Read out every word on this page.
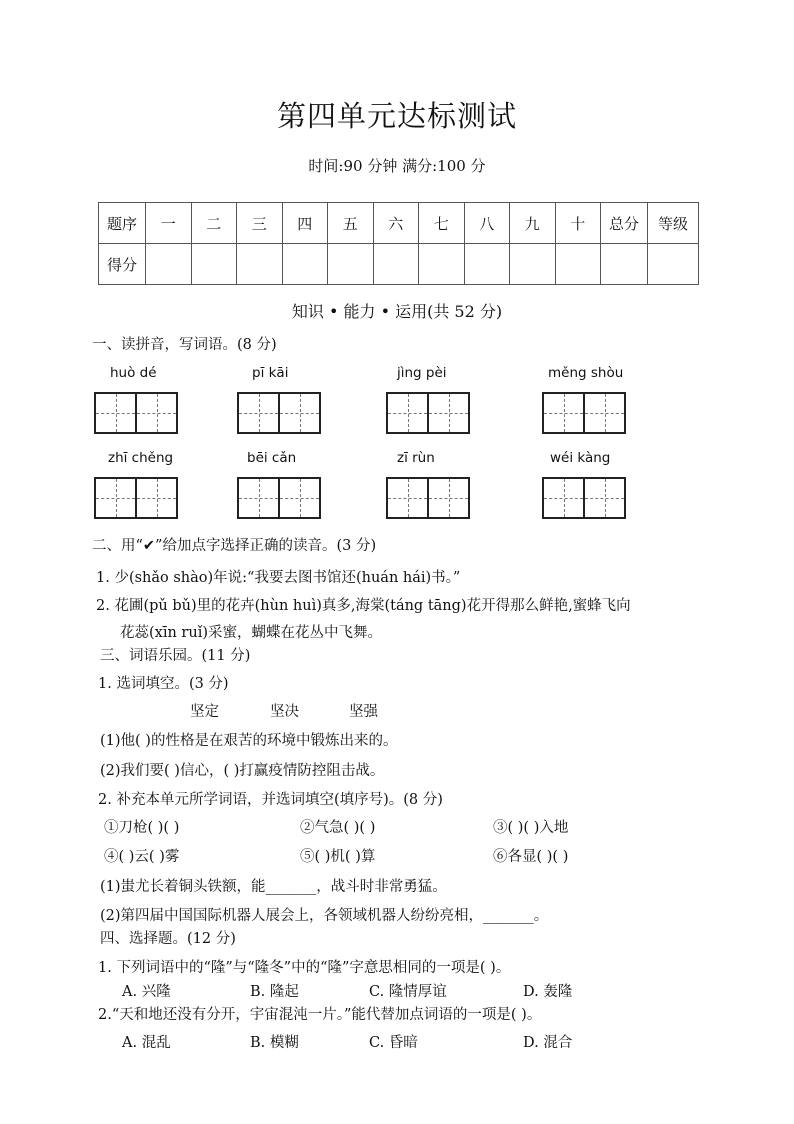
第四单元达标测试
时间:90 分钟 满分:100 分
题序	一	二	三	四	五	六	七	八	九	十	总分	等级
得分												
知识 • 能力 • 运用(共 52 分)
一、读拼音，写词语。(8 分)
huò dé	pī kāi	jìng pèi	měng shòu
zhī chěng	bēi cǎn	zī rùn	wéi kàng
二、用“✔”给加点字选择正确的读音。(3 分)
1. 少(shǎo shào)年说:“我要去图书馆还(huán hái)书。”
2. 花圃(pǔ bǔ)里的花卉(hùn huì)真多,海棠(táng tāng)花开得那么鲜艳,蜜蜂飞向
花蕊(xīn ruǐ)采蜜，蝴蝶在花丛中飞舞。
三、词语乐园。(11 分)
1. 选词填空。(3 分)
坚定	坚决	坚强
(1)他( )的性格是在艰苦的环境中锻炼出来的。
(2)我们要( )信心，( )打赢疫情防控阻击战。
2. 补充本单元所学词语，并选词填空(填序号)。(8 分)
①刀枪( )( )	②气急( )( )	③( )( )入地
④( )云( )雾	⑤( )机( )算	⑥各显( )( )
(1)蚩尤长着铜头铁额，能_______，战斗时非常勇猛。
(2)第四届中国国际机器人展会上，各领域机器人纷纷亮相，_______。
四、选择题。(12 分)
1. 下列词语中的“隆”与“隆冬”中的“隆”字意思相同的一项是( )。
A. 兴隆	B. 隆起	C. 隆情厚谊	D. 轰隆
2.“天和地还没有分开，宇宙混沌一片。”能代替加点词语的一项是( )。
A. 混乱	B. 模糊	C. 昏暗	D. 混合
